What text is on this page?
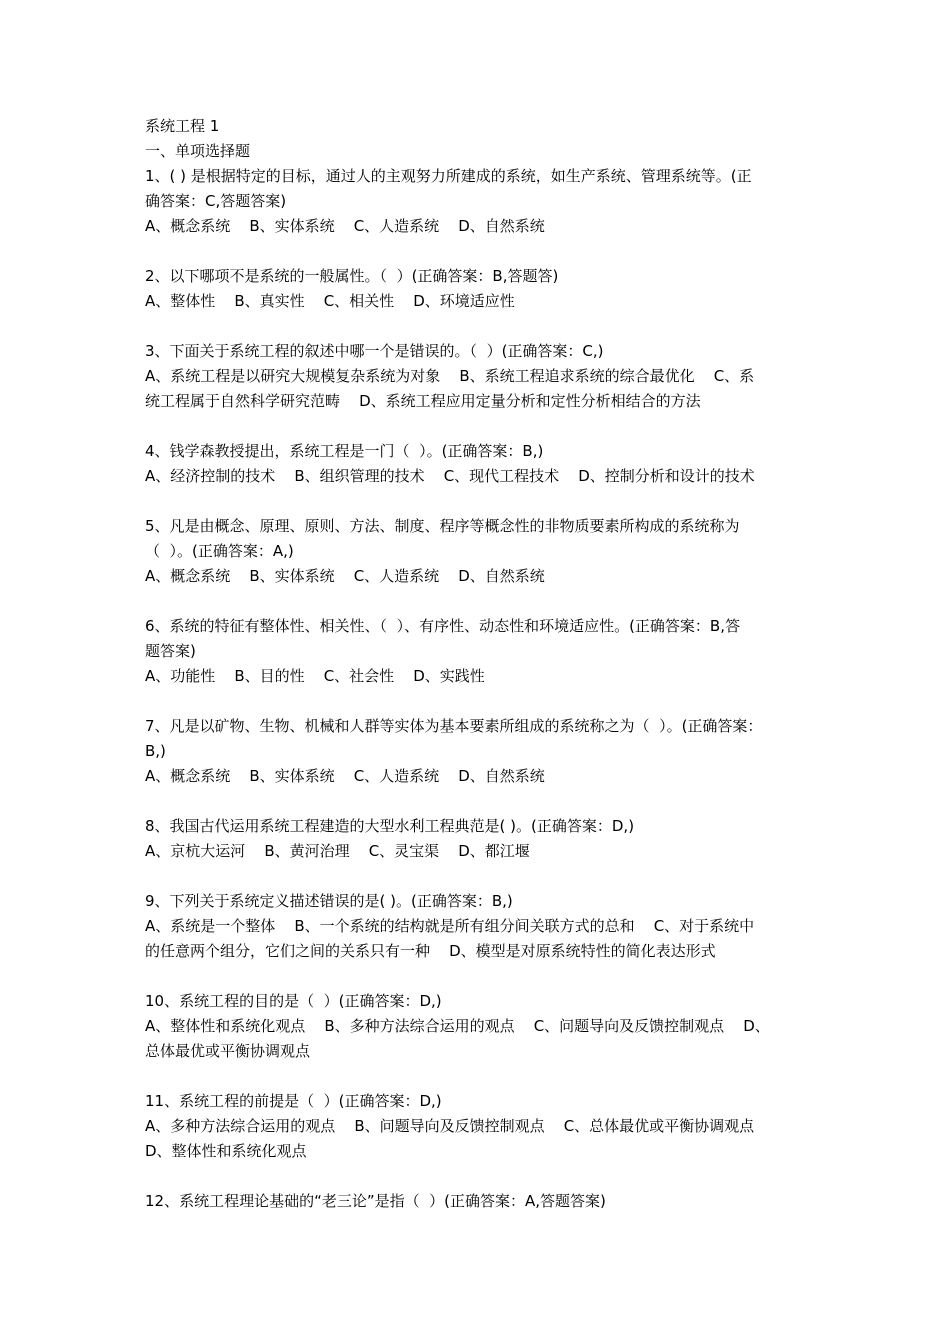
系统工程 1
一、单项选择题
1、( ) 是根据特定的目标，通过人的主观努力所建成的系统，如生产系统、管理系统等。(正
确答案：C,答题答案)
A、概念系统    B、实体系统    C、人造系统    D、自然系统
2、以下哪项不是系统的一般属性。（  ）(正确答案：B,答题答)
A、整体性    B、真实性    C、相关性    D、环境适应性
3、下面关于系统工程的叙述中哪一个是错误的。（  ）(正确答案：C,)
A、系统工程是以研究大规模复杂系统为对象    B、系统工程追求系统的综合最优化    C、系
统工程属于自然科学研究范畴    D、系统工程应用定量分析和定性分析相结合的方法
4、钱学森教授提出，系统工程是一门（  ）。(正确答案：B,)
A、经济控制的技术    B、组织管理的技术    C、现代工程技术    D、控制分析和设计的技术
5、凡是由概念、原理、原则、方法、制度、程序等概念性的非物质要素所构成的系统称为
（  ）。(正确答案：A,)
A、概念系统    B、实体系统    C、人造系统    D、自然系统
6、系统的特征有整体性、相关性、（  ）、有序性、动态性和环境适应性。(正确答案：B,答
题答案)
A、功能性    B、目的性    C、社会性    D、实践性
7、凡是以矿物、生物、机械和人群等实体为基本要素所组成的系统称之为（  ）。(正确答案：
B,)
A、概念系统    B、实体系统    C、人造系统    D、自然系统
8、我国古代运用系统工程建造的大型水利工程典范是( )。(正确答案：D,)
A、京杭大运河    B、黄河治理    C、灵宝渠    D、都江堰
9、下列关于系统定义描述错误的是( )。(正确答案：B,)
A、系统是一个整体    B、一个系统的结构就是所有组分间关联方式的总和    C、对于系统中
的任意两个组分，它们之间的关系只有一种    D、模型是对原系统特性的简化表达形式
10、系统工程的目的是（  ）(正确答案：D,)
A、整体性和系统化观点    B、多种方法综合运用的观点    C、问题导向及反馈控制观点    D、
总体最优或平衡协调观点
11、系统工程的前提是（  ）(正确答案：D,)
A、多种方法综合运用的观点    B、问题导向及反馈控制观点    C、总体最优或平衡协调观点
D、整体性和系统化观点
12、系统工程理论基础的“老三论”是指（  ）(正确答案：A,答题答案)
